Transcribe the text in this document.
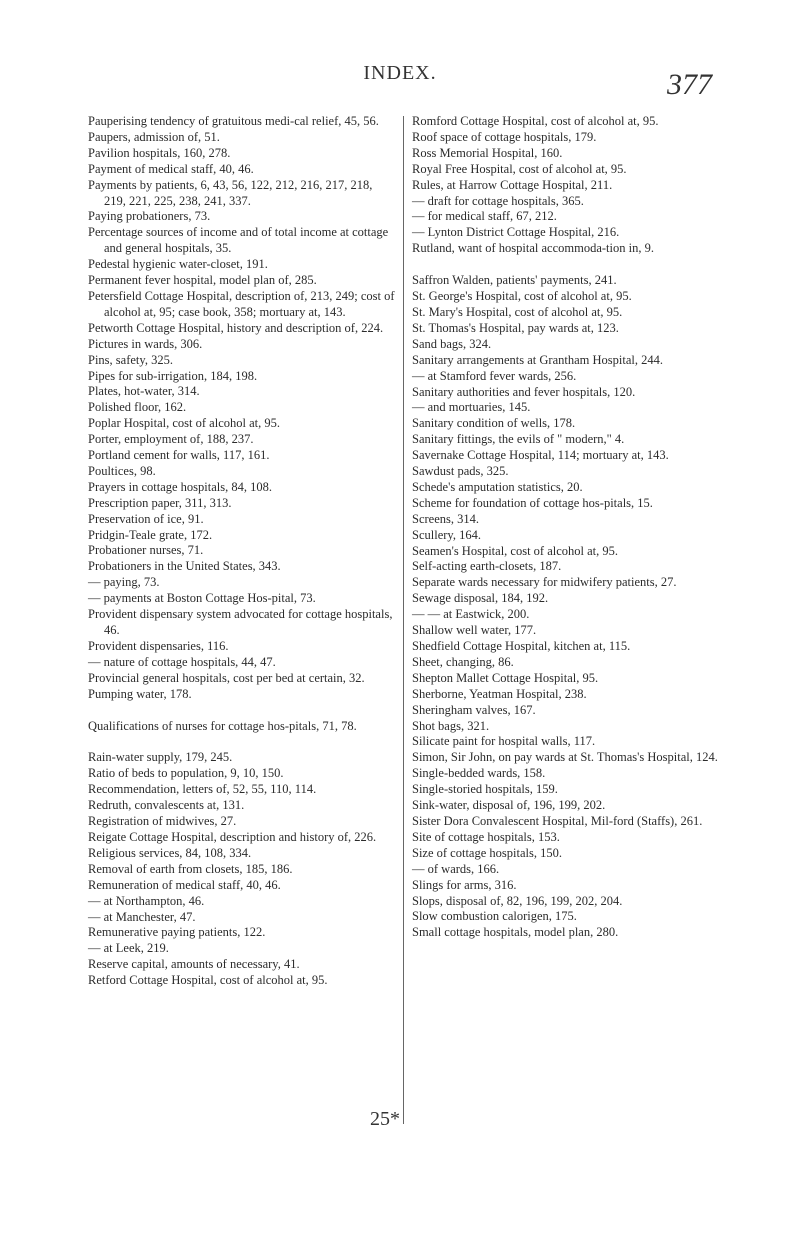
INDEX.	377

Pauperising tendency of gratuitous medi-cal relief, 45, 56.

Paupers, admission of, 51.

Pavilion hospitals, 160, 278.

Payment of medical staff, 40, 46.

Payments by patients, 6, 43, 56, 122, 212, 216, 217, 218, 219, 221, 225, 238, 241, 337.

Paying probationers, 73.

Percentage sources of income and of total income at cottage and general hospitals, 35.

Pedestal hygienic water-closet, 191.

Permanent fever hospital, model plan of, 285.

Petersfield Cottage Hospital, description of, 213, 249; cost of alcohol at, 95; case book, 358; mortuary at, 143.

Petworth Cottage Hospital, history and description of, 224.

Pictures in wards, 306.

Pins, safety, 325.

Pipes for sub-irrigation, 184, 198.

Plates, hot-water, 314.

Polished floor, 162.

Poplar Hospital, cost of alcohol at, 95.

Porter, employment of, 188, 237.

Portland cement for walls, 117, 161.

Poultices, 98.

Prayers in cottage hospitals, 84, 108.

Prescription paper, 311, 313.

Preservation of ice, 91.

Pridgin-Teale grate, 172.

Probationer nurses, 71.

Probationers in the United States, 343.

— paying, 73.

— payments at Boston Cottage Hos-pital, 73.

Provident dispensary system advocated for cottage hospitals, 46.

Provident dispensaries, 116.

— nature of cottage hospitals, 44, 47.

Provincial general hospitals, cost per bed at certain, 32.

Pumping water, 178.

Qualifications of nurses for cottage hos-pitals, 71, 78.

Rain-water supply, 179, 245.

Ratio of beds to population, 9, 10, 150.

Recommendation, letters of, 52, 55, 110, 114.

Redruth, convalescents at, 131.

Registration of midwives, 27.

Reigate Cottage Hospital, description and history of, 226.

Religious services, 84, 108, 334.

Removal of earth from closets, 185, 186.

Remuneration of medical staff, 40, 46.

— at Northampton, 46.

— at Manchester, 47.

Remunerative paying patients, 122.

— at Leek, 219.

Reserve capital, amounts of necessary, 41.

Retford Cottage Hospital, cost of alcohol at, 95.

Romford Cottage Hospital, cost of alcohol at, 95.

Roof space of cottage hospitals, 179.

Ross Memorial Hospital, 160.

Royal Free Hospital, cost of alcohol at, 95.

Rules, at Harrow Cottage Hospital, 211.

— draft for cottage hospitals, 365.

— for medical staff, 67, 212.

— Lynton District Cottage Hospital, 216.

Rutland, want of hospital accommoda-tion in, 9.

Saffron Walden, patients' payments, 241.

St. George's Hospital, cost of alcohol at, 95.

St. Mary's Hospital, cost of alcohol at, 95.

St. Thomas's Hospital, pay wards at, 123.

Sand bags, 324.

Sanitary arrangements at Grantham Hospital, 244.

— at Stamford fever wards, 256.

Sanitary authorities and fever hospitals, 120.

— and mortuaries, 145.

Sanitary condition of wells, 178.

Sanitary fittings, the evils of " modern," 4.

Savernake Cottage Hospital, 114; mortuary at, 143.

Sawdust pads, 325.

Schede's amputation statistics, 20.

Scheme for foundation of cottage hos-pitals, 15.

Screens, 314.

Scullery, 164.

Seamen's Hospital, cost of alcohol at, 95.

Self-acting earth-closets, 187.

Separate wards necessary for midwifery patients, 27.

Sewage disposal, 184, 192.

— — at Eastwick, 200.

Shallow well water, 177.

Shedfield Cottage Hospital, kitchen at, 115.

Sheet, changing, 86.

Shepton Mallet Cottage Hospital, 95.

Sherborne, Yeatman Hospital, 238.

Sheringham valves, 167.

Shot bags, 321.

Silicate paint for hospital walls, 117.

Simon, Sir John, on pay wards at St. Thomas's Hospital, 124.

Single-bedded wards, 158.

Single-storied hospitals, 159.

Sink-water, disposal of, 196, 199, 202.

Sister Dora Convalescent Hospital, Mil-ford (Staffs), 261.

Site of cottage hospitals, 153.

Size of cottage hospitals, 150.

— of wards, 166.

Slings for arms, 316.

Slops, disposal of, 82, 196, 199, 202, 204.

Slow combustion calorigen, 175.

Small cottage hospitals, model plan, 280.

25*
